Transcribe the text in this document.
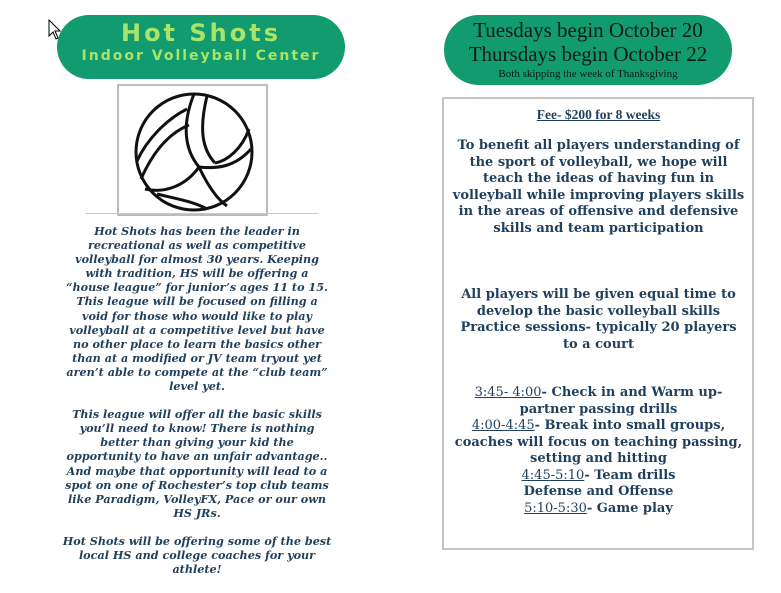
Hot Shots
Indoor Volleyball Center
Tuesdays begin October 20
Thursdays begin October 22
Both skipping the week of Thanksgiving

Hot Shots has been the leader in recreational as well as competitive volleyball for almost 30 years. Keeping with tradition, HS will be offering a “house league” for junior’s ages 11 to 15. This league will be focused on filling a void for those who would like to play volleyball at a competitive level but have no other place to learn the basics other than at a modified or JV team tryout yet aren’t able to compete at the “club team” level yet.

This league will offer all the basic skills you’ll need to know! There is nothing better than giving your kid the opportunity to have an unfair advantage.. And maybe that opportunity will lead to a spot on one of Rochester’s top club teams like Paradigm, VolleyFX, Pace or our own HS JRs.

Hot Shots will be offering some of the best local HS and college coaches for your athlete!

Fee- $200 for 8 weeks
To benefit all players understanding of the sport of volleyball, we hope will teach the ideas of having fun in volleyball while improving players skills in the areas of offensive and defensive skills and team participation
All players will be given equal time to develop the basic volleyball skills Practice sessions- typically 20 players to a court
3:45- 4:00- Check in and Warm up- partner passing drills
4:00-4:45- Break into small groups, coaches will focus on teaching passing, setting and hitting
4:45-5:10- Team drills
Defense and Offense
5:10-5:30- Game play
